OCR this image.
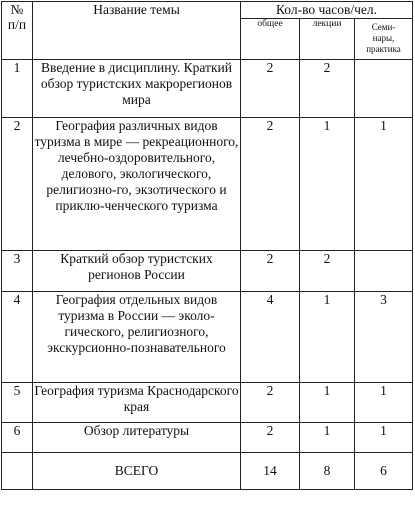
№
п/п	Название темы	Кол-во часов/чел.		
		общее	лекции	Семи-
нары,
практика
1	Введение в дисциплину. Краткий обзор туристских макрорегионов мира	2	2	
2	География различных видов туризма в мире — рекреационного, лечебно-оздоровительного, делового, экологического, религиозно-го, экзотического и приклю-ченческого туризма	2	1	1
3	Краткий обзор туристских регионов России	2	2	
4	География отдельных видов туризма в России — эколо-гического, религиозного, экскурсионно-познавательного	4	1	3
5	География туризма Краснодарского края	2	1	1
6	Обзор литературы	2	1	1
	ВСЕГО	14	8	6
